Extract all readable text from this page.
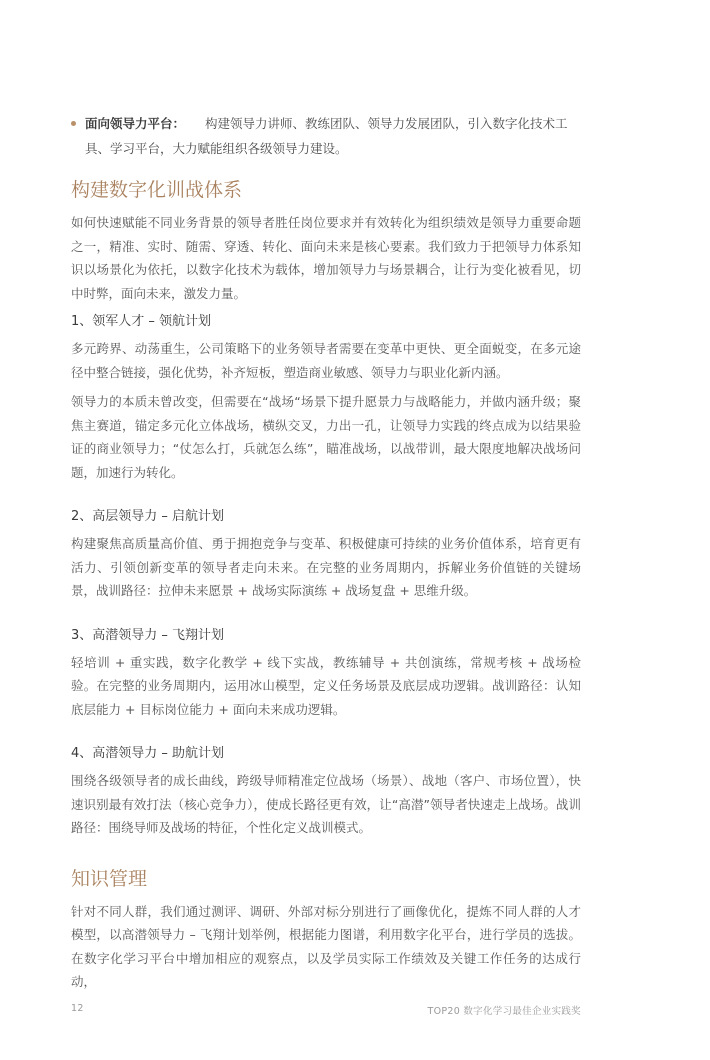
面向领导力平台： 构建领导力讲师、教练团队、领导力发展团队，引入数字化技术工具、学习平台，大力赋能组织各级领导力建设。
构建数字化训战体系

如何快速赋能不同业务背景的领导者胜任岗位要求并有效转化为组织绩效是领导力重要命题之一，精准、实时、随需、穿透、转化、面向未来是核心要素。我们致力于把领导力体系知识以场景化为依托，以数字化技术为载体，增加领导力与场景耦合，让行为变化被看见，切中时弊，面向未来，激发力量。

1、领军人才 – 领航计划

多元跨界、动荡重生，公司策略下的业务领导者需要在变革中更快、更全面蜕变，在多元途径中整合链接，强化优势，补齐短板，塑造商业敏感、领导力与职业化新内涵。

领导力的本质未曾改变，但需要在“战场“场景下提升愿景力与战略能力，并做内涵升级；聚焦主赛道，锚定多元化立体战场，横纵交叉，力出一孔，让领导力实践的终点成为以结果验证的商业领导力；“仗怎么打，兵就怎么练”，瞄准战场，以战带训，最大限度地解决战场问题，加速行为转化。

2、高层领导力 – 启航计划

构建聚焦高质量高价值、勇于拥抱竞争与变革、积极健康可持续的业务价值体系，培育更有活力、引领创新变革的领导者走向未来。在完整的业务周期内，拆解业务价值链的关键场景，战训路径：拉伸未来愿景 + 战场实际演练 + 战场复盘 + 思维升级。

3、高潜领导力 – 飞翔计划

轻培训 + 重实践，数字化教学 + 线下实战，教练辅导 + 共创演练，常规考核 + 战场检验。在完整的业务周期内，运用冰山模型，定义任务场景及底层成功逻辑。战训路径：认知底层能力 + 目标岗位能力 + 面向未来成功逻辑。

4、高潜领导力 – 助航计划

围绕各级领导者的成长曲线，跨级导师精准定位战场（场景）、战地（客户、市场位置），快速识别最有效打法（核心竞争力），使成长路径更有效，让“高潜”领导者快速走上战场。战训路径：围绕导师及战场的特征，个性化定义战训模式。

知识管理

针对不同人群，我们通过测评、调研、外部对标分别进行了画像优化，提炼不同人群的人才模型，以高潜领导力 – 飞翔计划举例，根据能力图谱，利用数字化平台，进行学员的选拔。在数字化学习平台中增加相应的观察点，以及学员实际工作绩效及关键工作任务的达成行动，

12	TOP20 数字化学习最佳企业实践奖
